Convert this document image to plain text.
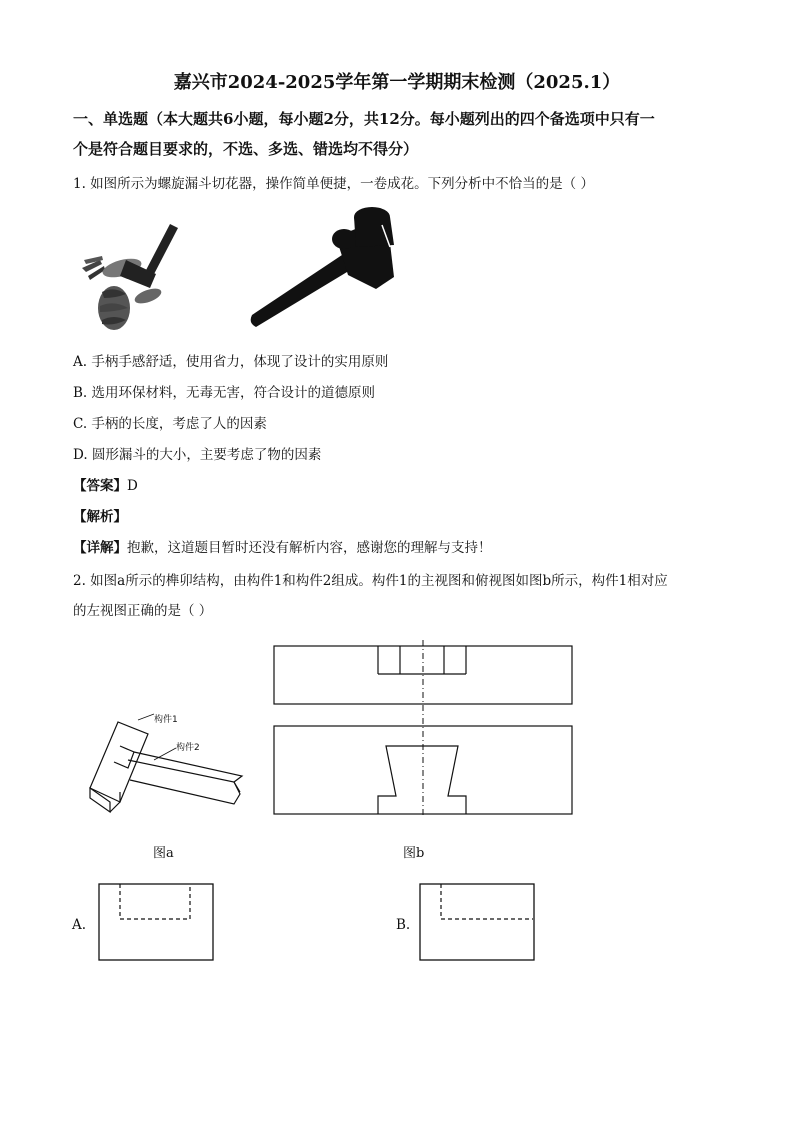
嘉兴市2024-2025学年第一学期期末检测（2025.1）
一、单选题（本大题共6小题，每小题2分，共12分。每小题列出的四个备选项中只有一
个是符合题目要求的，不选、多选、错选均不得分）
1. 如图所示为螺旋漏斗切花器，操作简单便捷，一卷成花。下列分析中不恰当的是（ ）
A. 手柄手感舒适，使用省力，体现了设计的实用原则
B. 选用环保材料，无毒无害，符合设计的道德原则
C. 手柄的长度，考虑了人的因素
D. 圆形漏斗的大小，主要考虑了物的因素
【答案】D
【解析】
【详解】抱歉，这道题目暂时还没有解析内容，感谢您的理解与支持！
2. 如图a所示的榫卯结构，由构件1和构件2组成。构件1的主视图和俯视图如图b所示，构件1相对应
的左视图正确的是（ ）
构件1
构件2
图a	图b
A.	B.
